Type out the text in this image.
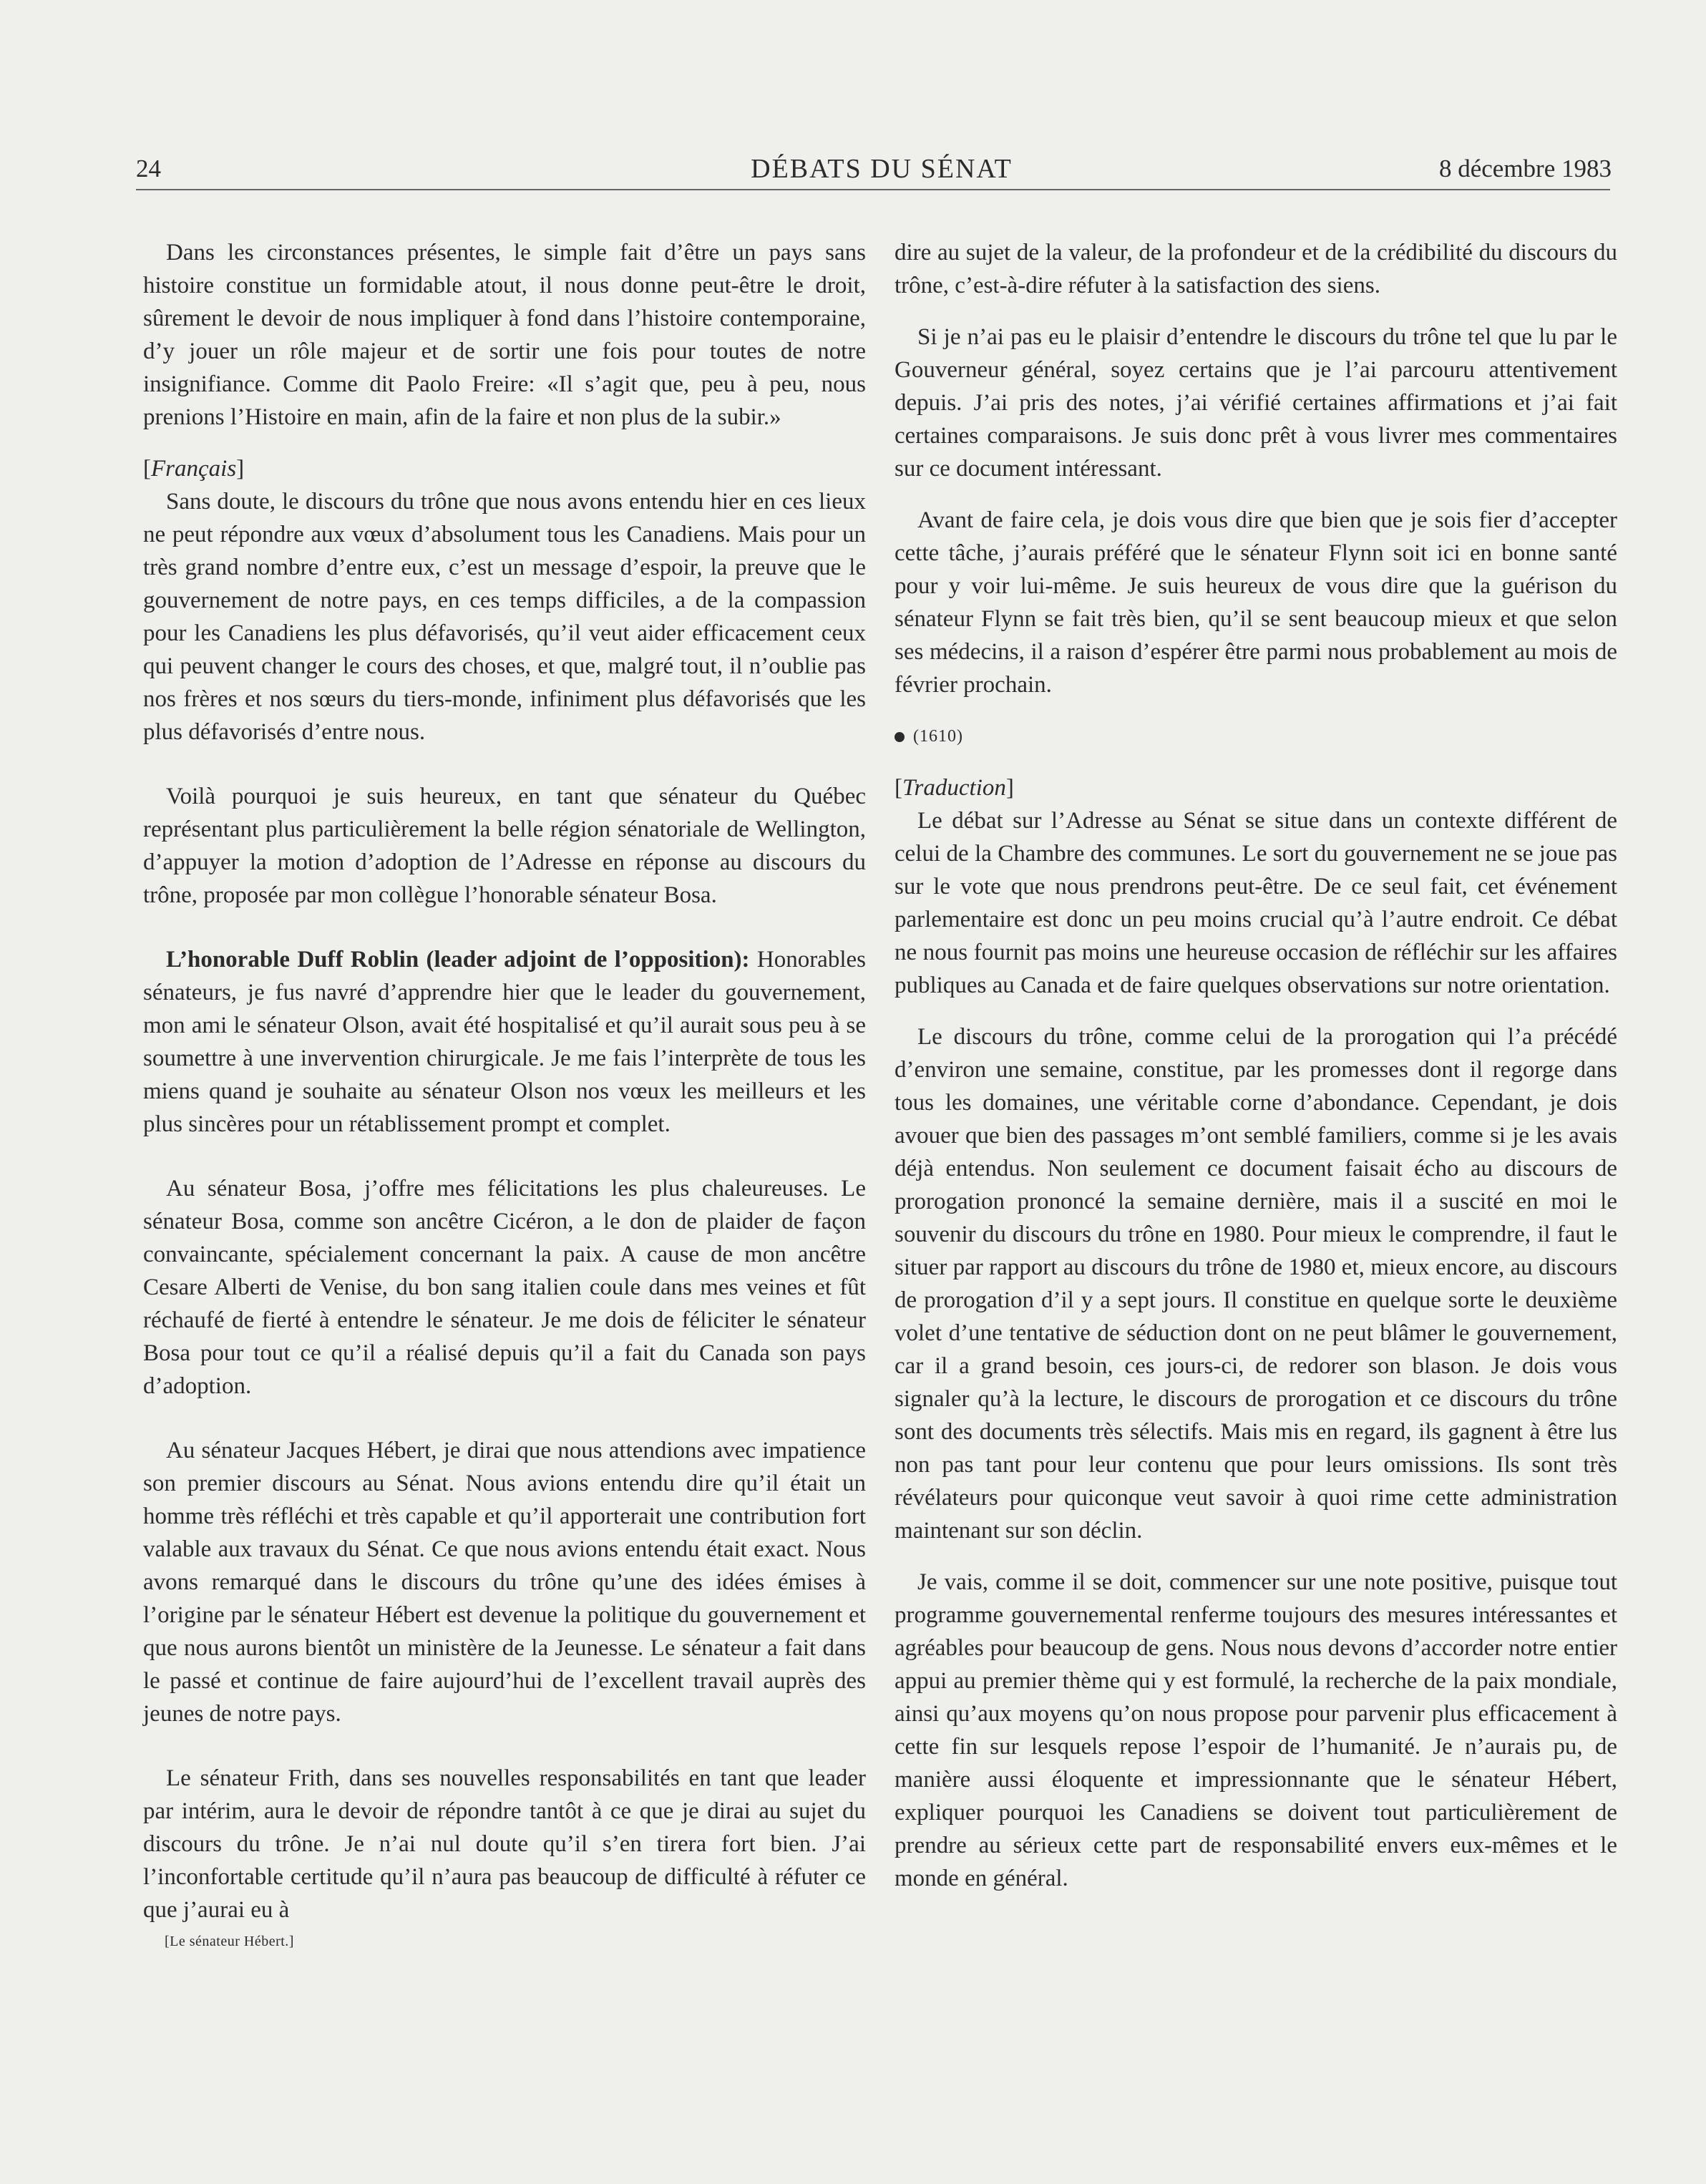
24	DÉBATS DU SÉNAT	8 décembre 1983

Dans les circonstances présentes, le simple fait d’être un pays sans histoire constitue un formidable atout, il nous donne peut-être le droit, sûrement le devoir de nous impliquer à fond dans l’histoire contemporaine, d’y jouer un rôle majeur et de sortir une fois pour toutes de notre insignifiance. Comme dit Paolo Freire: «Il s’agit que, peu à peu, nous prenions l’Histoire en main, afin de la faire et non plus de la subir.»

[Français]

Sans doute, le discours du trône que nous avons entendu hier en ces lieux ne peut répondre aux vœux d’absolument tous les Canadiens. Mais pour un très grand nombre d’entre eux, c’est un message d’espoir, la preuve que le gouvernement de notre pays, en ces temps difficiles, a de la compassion pour les Canadiens les plus défavorisés, qu’il veut aider efficacement ceux qui peuvent changer le cours des choses, et que, malgré tout, il n’oublie pas nos frères et nos sœurs du tiers-monde, infiniment plus défavorisés que les plus défavorisés d’entre nous.

Voilà pourquoi je suis heureux, en tant que sénateur du Québec représentant plus particulièrement la belle région sénatoriale de Wellington, d’appuyer la motion d’adoption de l’Adresse en réponse au discours du trône, proposée par mon collègue l’honorable sénateur Bosa.

L’honorable Duff Roblin (leader adjoint de l’opposition): Honorables sénateurs, je fus navré d’apprendre hier que le leader du gouvernement, mon ami le sénateur Olson, avait été hospitalisé et qu’il aurait sous peu à se soumettre à une invervention chirurgicale. Je me fais l’interprète de tous les miens quand je souhaite au sénateur Olson nos vœux les meilleurs et les plus sincères pour un rétablissement prompt et complet.

Au sénateur Bosa, j’offre mes félicitations les plus chaleureuses. Le sénateur Bosa, comme son ancêtre Cicéron, a le don de plaider de façon convaincante, spécialement concernant la paix. A cause de mon ancêtre Cesare Alberti de Venise, du bon sang italien coule dans mes veines et fût réchaufé de fierté à entendre le sénateur. Je me dois de féliciter le sénateur Bosa pour tout ce qu’il a réalisé depuis qu’il a fait du Canada son pays d’adoption.

Au sénateur Jacques Hébert, je dirai que nous attendions avec impatience son premier discours au Sénat. Nous avions entendu dire qu’il était un homme très réfléchi et très capable et qu’il apporterait une contribution fort valable aux travaux du Sénat. Ce que nous avions entendu était exact. Nous avons remarqué dans le discours du trône qu’une des idées émises à l’origine par le sénateur Hébert est devenue la politique du gouvernement et que nous aurons bientôt un ministère de la Jeunesse. Le sénateur a fait dans le passé et continue de faire aujourd’hui de l’excellent travail auprès des jeunes de notre pays.

Le sénateur Frith, dans ses nouvelles responsabilités en tant que leader par intérim, aura le devoir de répondre tantôt à ce que je dirai au sujet du discours du trône. Je n’ai nul doute qu’il s’en tirera fort bien. J’ai l’inconfortable certitude qu’il n’aura pas beaucoup de difficulté à réfuter ce que j’aurai eu à

[Le sénateur Hébert.]

dire au sujet de la valeur, de la profondeur et de la crédibilité du discours du trône, c’est-à-dire réfuter à la satisfaction des siens.

Si je n’ai pas eu le plaisir d’entendre le discours du trône tel que lu par le Gouverneur général, soyez certains que je l’ai parcouru attentivement depuis. J’ai pris des notes, j’ai vérifié certaines affirmations et j’ai fait certaines comparaisons. Je suis donc prêt à vous livrer mes commentaires sur ce document intéressant.

Avant de faire cela, je dois vous dire que bien que je sois fier d’accepter cette tâche, j’aurais préféré que le sénateur Flynn soit ici en bonne santé pour y voir lui-même. Je suis heureux de vous dire que la guérison du sénateur Flynn se fait très bien, qu’il se sent beaucoup mieux et que selon ses médecins, il a raison d’espérer être parmi nous probablement au mois de février prochain.

(1610)

[Traduction]

Le débat sur l’Adresse au Sénat se situe dans un contexte différent de celui de la Chambre des communes. Le sort du gouvernement ne se joue pas sur le vote que nous prendrons peut-être. De ce seul fait, cet événement parlementaire est donc un peu moins crucial qu’à l’autre endroit. Ce débat ne nous fournit pas moins une heureuse occasion de réfléchir sur les affaires publiques au Canada et de faire quelques observations sur notre orientation.

Le discours du trône, comme celui de la prorogation qui l’a précédé d’environ une semaine, constitue, par les promesses dont il regorge dans tous les domaines, une véritable corne d’abondance. Cependant, je dois avouer que bien des passages m’ont semblé familiers, comme si je les avais déjà entendus. Non seulement ce document faisait écho au discours de prorogation prononcé la semaine dernière, mais il a suscité en moi le souvenir du discours du trône en 1980. Pour mieux le comprendre, il faut le situer par rapport au discours du trône de 1980 et, mieux encore, au discours de prorogation d’il y a sept jours. Il constitue en quelque sorte le deuxième volet d’une tentative de séduction dont on ne peut blâmer le gouvernement, car il a grand besoin, ces jours-ci, de redorer son blason. Je dois vous signaler qu’à la lecture, le discours de prorogation et ce discours du trône sont des documents très sélectifs. Mais mis en regard, ils gagnent à être lus non pas tant pour leur contenu que pour leurs omissions. Ils sont très révélateurs pour quiconque veut savoir à quoi rime cette administration maintenant sur son déclin.

Je vais, comme il se doit, commencer sur une note positive, puisque tout programme gouvernemental renferme toujours des mesures intéressantes et agréables pour beaucoup de gens. Nous nous devons d’accorder notre entier appui au premier thème qui y est formulé, la recherche de la paix mondiale, ainsi qu’aux moyens qu’on nous propose pour parvenir plus efficacement à cette fin sur lesquels repose l’espoir de l’humanité. Je n’aurais pu, de manière aussi éloquente et impressionnante que le sénateur Hébert, expliquer pourquoi les Canadiens se doivent tout particulièrement de prendre au sérieux cette part de responsabilité envers eux-mêmes et le monde en général.
